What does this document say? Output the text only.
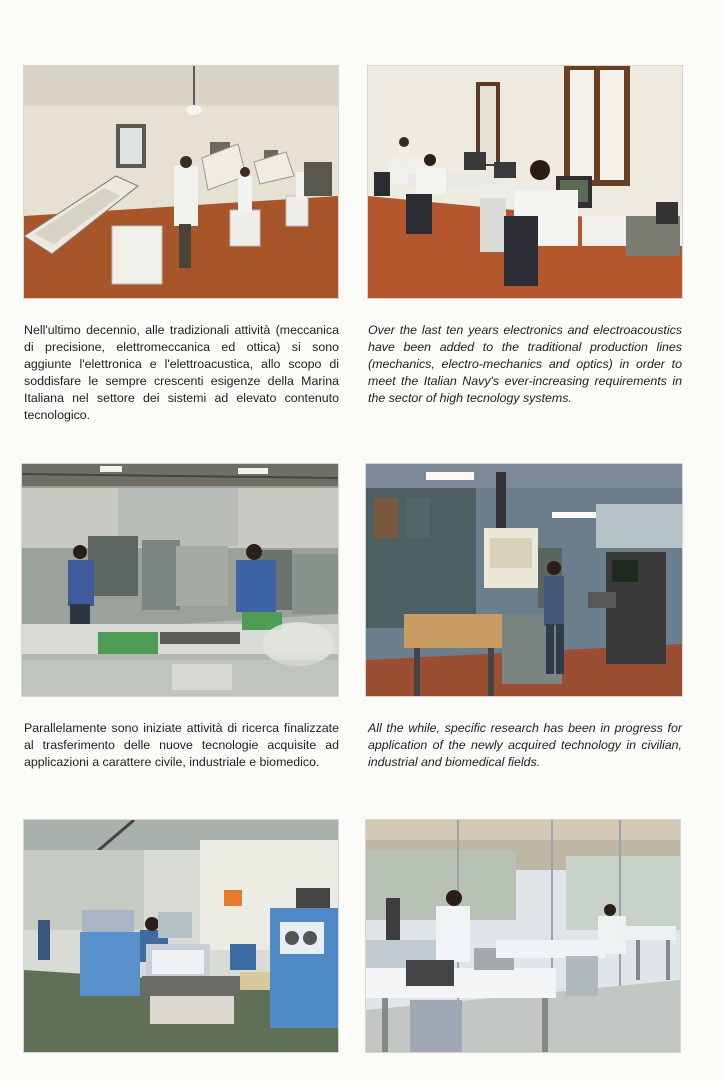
Nell'ultimo decennio, alle tradizionali attività (meccanica di precisione, elettromeccanica ed ottica) si sono aggiunte l'elettronica e l'elettroacustica, allo scopo di soddisfare le sempre crescenti esigenze della Marina Italiana nel settore dei sistemi ad elevato contenuto tecnologico.

Over the last ten years electronics and electroacoustics have been added to the traditional production lines (mechanics, electro-mechanics and optics) in order to meet the Italian Navy's ever-increasing requirements in the sector of high tecnology systems.

Parallelamente sono iniziate attività di ricerca finalizzate al trasferimento delle nuove tecnologie acquisite ad applicazioni a carattere civile, industriale e biomedico.

All the while, specific research has been in progress for application of the newly acquired technology in civilian, industrial and biomedical fields.
